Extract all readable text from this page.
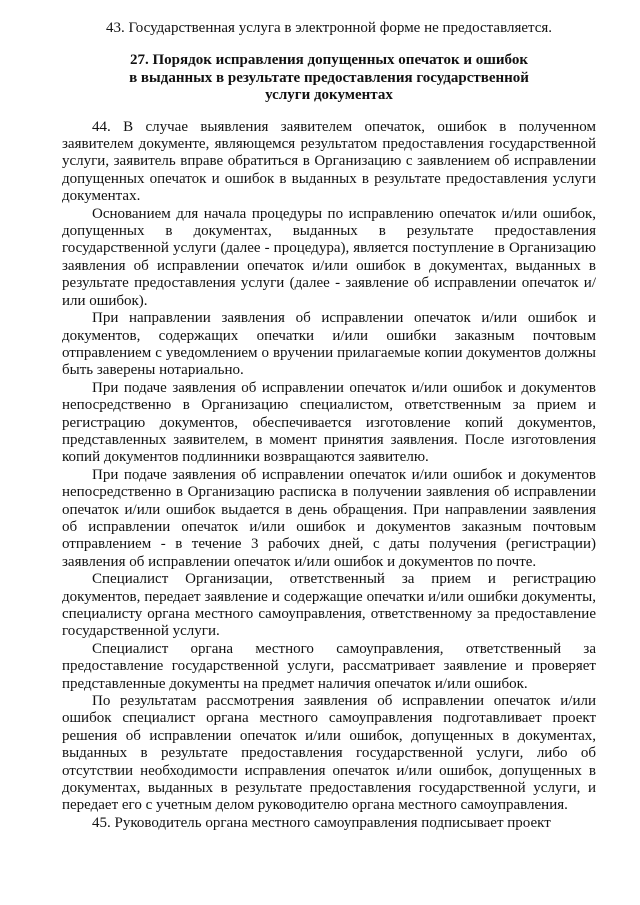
43. Государственная услуга в электронной форме не предоставляется.

27. Порядок исправления допущенных опечаток и ошибок
в выданных в результате предоставления государственной
услуги документах

44. В случае выявления заявителем опечаток, ошибок в полученном заявителем документе, являющемся результатом предоставления государственной услуги, заявитель вправе обратиться в Организацию с заявлением об исправлении допущенных опечаток и ошибок в выданных в результате предоставления услуги документах.

Основанием для начала процедуры по исправлению опечаток и/или ошибок, допущенных в документах, выданных в результате предоставления государственной услуги (далее - процедура), является поступление в Организацию заявления об исправлении опечаток и/или ошибок в документах, выданных в результате предоставления услуги (далее - заявление об исправлении опечаток и/или ошибок).

При направлении заявления об исправлении опечаток и/или ошибок и документов, содержащих опечатки и/или ошибки заказным почтовым отправлением с уведомлением о вручении прилагаемые копии документов должны быть заверены нотариально.

При подаче заявления об исправлении опечаток и/или ошибок и документов непосредственно в Организацию специалистом, ответственным за прием и регистрацию документов, обеспечивается изготовление копий документов, представленных заявителем, в момент принятия заявления. После изготовления копий документов подлинники возвращаются заявителю.

При подаче заявления об исправлении опечаток и/или ошибок и документов непосредственно в Организацию расписка в получении заявления об исправлении опечаток и/или ошибок выдается в день обращения. При направлении заявления об исправлении опечаток и/или ошибок и документов заказным почтовым отправлением - в течение 3 рабочих дней, с даты получения (регистрации) заявления об исправлении опечаток и/или ошибок и документов по почте.

Специалист Организации, ответственный за прием и регистрацию документов, передает заявление и содержащие опечатки и/или ошибки документы, специалисту органа местного самоуправления, ответственному за предоставление государственной услуги.

Специалист органа местного самоуправления, ответственный за предоставление государственной услуги, рассматривает заявление и проверяет представленные документы на предмет наличия опечаток и/или ошибок.

По результатам рассмотрения заявления об исправлении опечаток и/или ошибок специалист органа местного самоуправления подготавливает проект решения об исправлении опечаток и/или ошибок, допущенных в документах, выданных в результате предоставления государственной услуги, либо об отсутствии необходимости исправления опечаток и/или ошибок, допущенных в документах, выданных в результате предоставления государственной услуги, и передает его с учетным делом руководителю органа местного самоуправления.

45. Руководитель органа местного самоуправления подписывает проект
